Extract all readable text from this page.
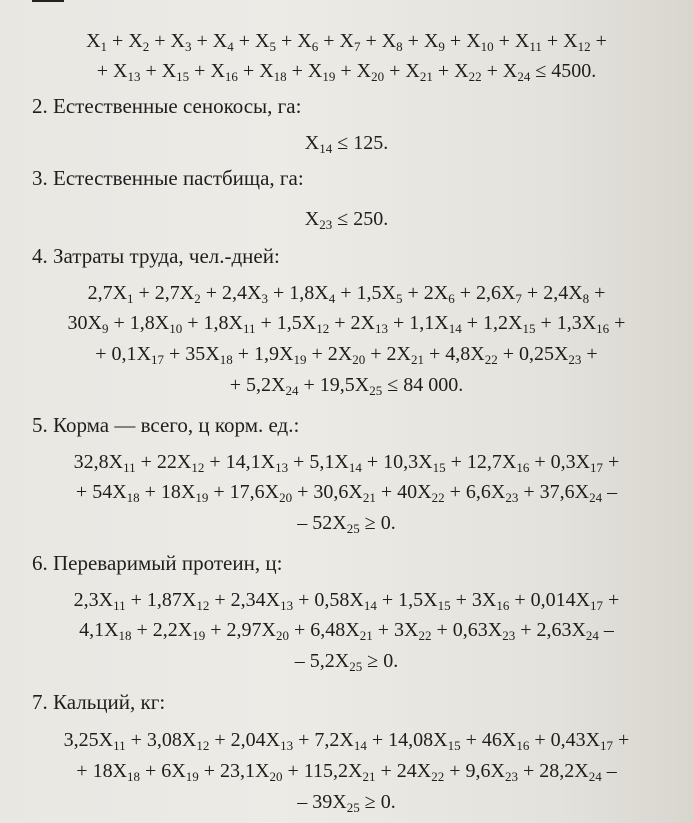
$X_1 + X_2 + X_3 + X_4 + X_5 + X_6 + X_7 + X_8 + X_9 + X_{10} + X_{11} + X_{12}$ +
+ $X_{13} + X_{15} + X_{16} + X_{18} + X_{19} + X_{20} + X_{21} + X_{22} + X_{24} \le 4500$.
2. Естественные сенокосы, га:
$X_{14} \le 125$.
3. Естественные пастбища, га:
$X_{23} \le 250$.
4. Затраты труда, чел.-дней:
$2,7X_1 + 2,7X_2 + 2,4X_3 + 1,8X_4 + 1,5X_5 + 2X_6 + 2,6X_7 + 2,4X_8$ +
$30X_9 + 1,8X_{10} + 1,8X_{11} + 1,5X_{12} + 2X_{13} + 1,1X_{14} + 1,2X_{15} + 1,3X_{16}$ +
+ $0,1X_{17} + 35X_{18} + 1,9X_{19} + 2X_{20} + 2X_{21} + 4,8X_{22} + 0,25X_{23}$ +
+ $5,2X_{24} + 19,5X_{25} \le 84$ 000.
5. Корма — всего, ц корм. ед.:
$32,8X_{11} + 22X_{12} + 14,1X_{13} + 5,1X_{14} + 10,3X_{15} + 12,7X_{16} + 0,3X_{17}$ +
+ $54X_{18} + 18X_{19} + 17,6X_{20} + 30,6X_{21} + 40X_{22} + 6,6X_{23} + 37,6X_{24}$ –
– $52X_{25} \ge 0$.
6. Переваримый протеин, ц:
$2,3X_{11} + 1,87X_{12} + 2,34X_{13} + 0,58X_{14} + 1,5X_{15} + 3X_{16} + 0,014X_{17}$ +
$4,1X_{18} + 2,2X_{19} + 2,97X_{20} + 6,48X_{21} + 3X_{22} + 0,63X_{23} + 2,63X_{24}$ –
– $5,2X_{25} \ge 0$.
7. Кальций, кг:
$3,25X_{11} + 3,08X_{12} + 2,04X_{13} + 7,2X_{14} + 14,08X_{15} + 46X_{16} + 0,43X_{17}$ +
+ $18X_{18} + 6X_{19} + 23,1X_{20} + 115,2X_{21} + 24X_{22} + 9,6X_{23} + 28,2X_{24}$ –
– $39X_{25} \ge 0$.
